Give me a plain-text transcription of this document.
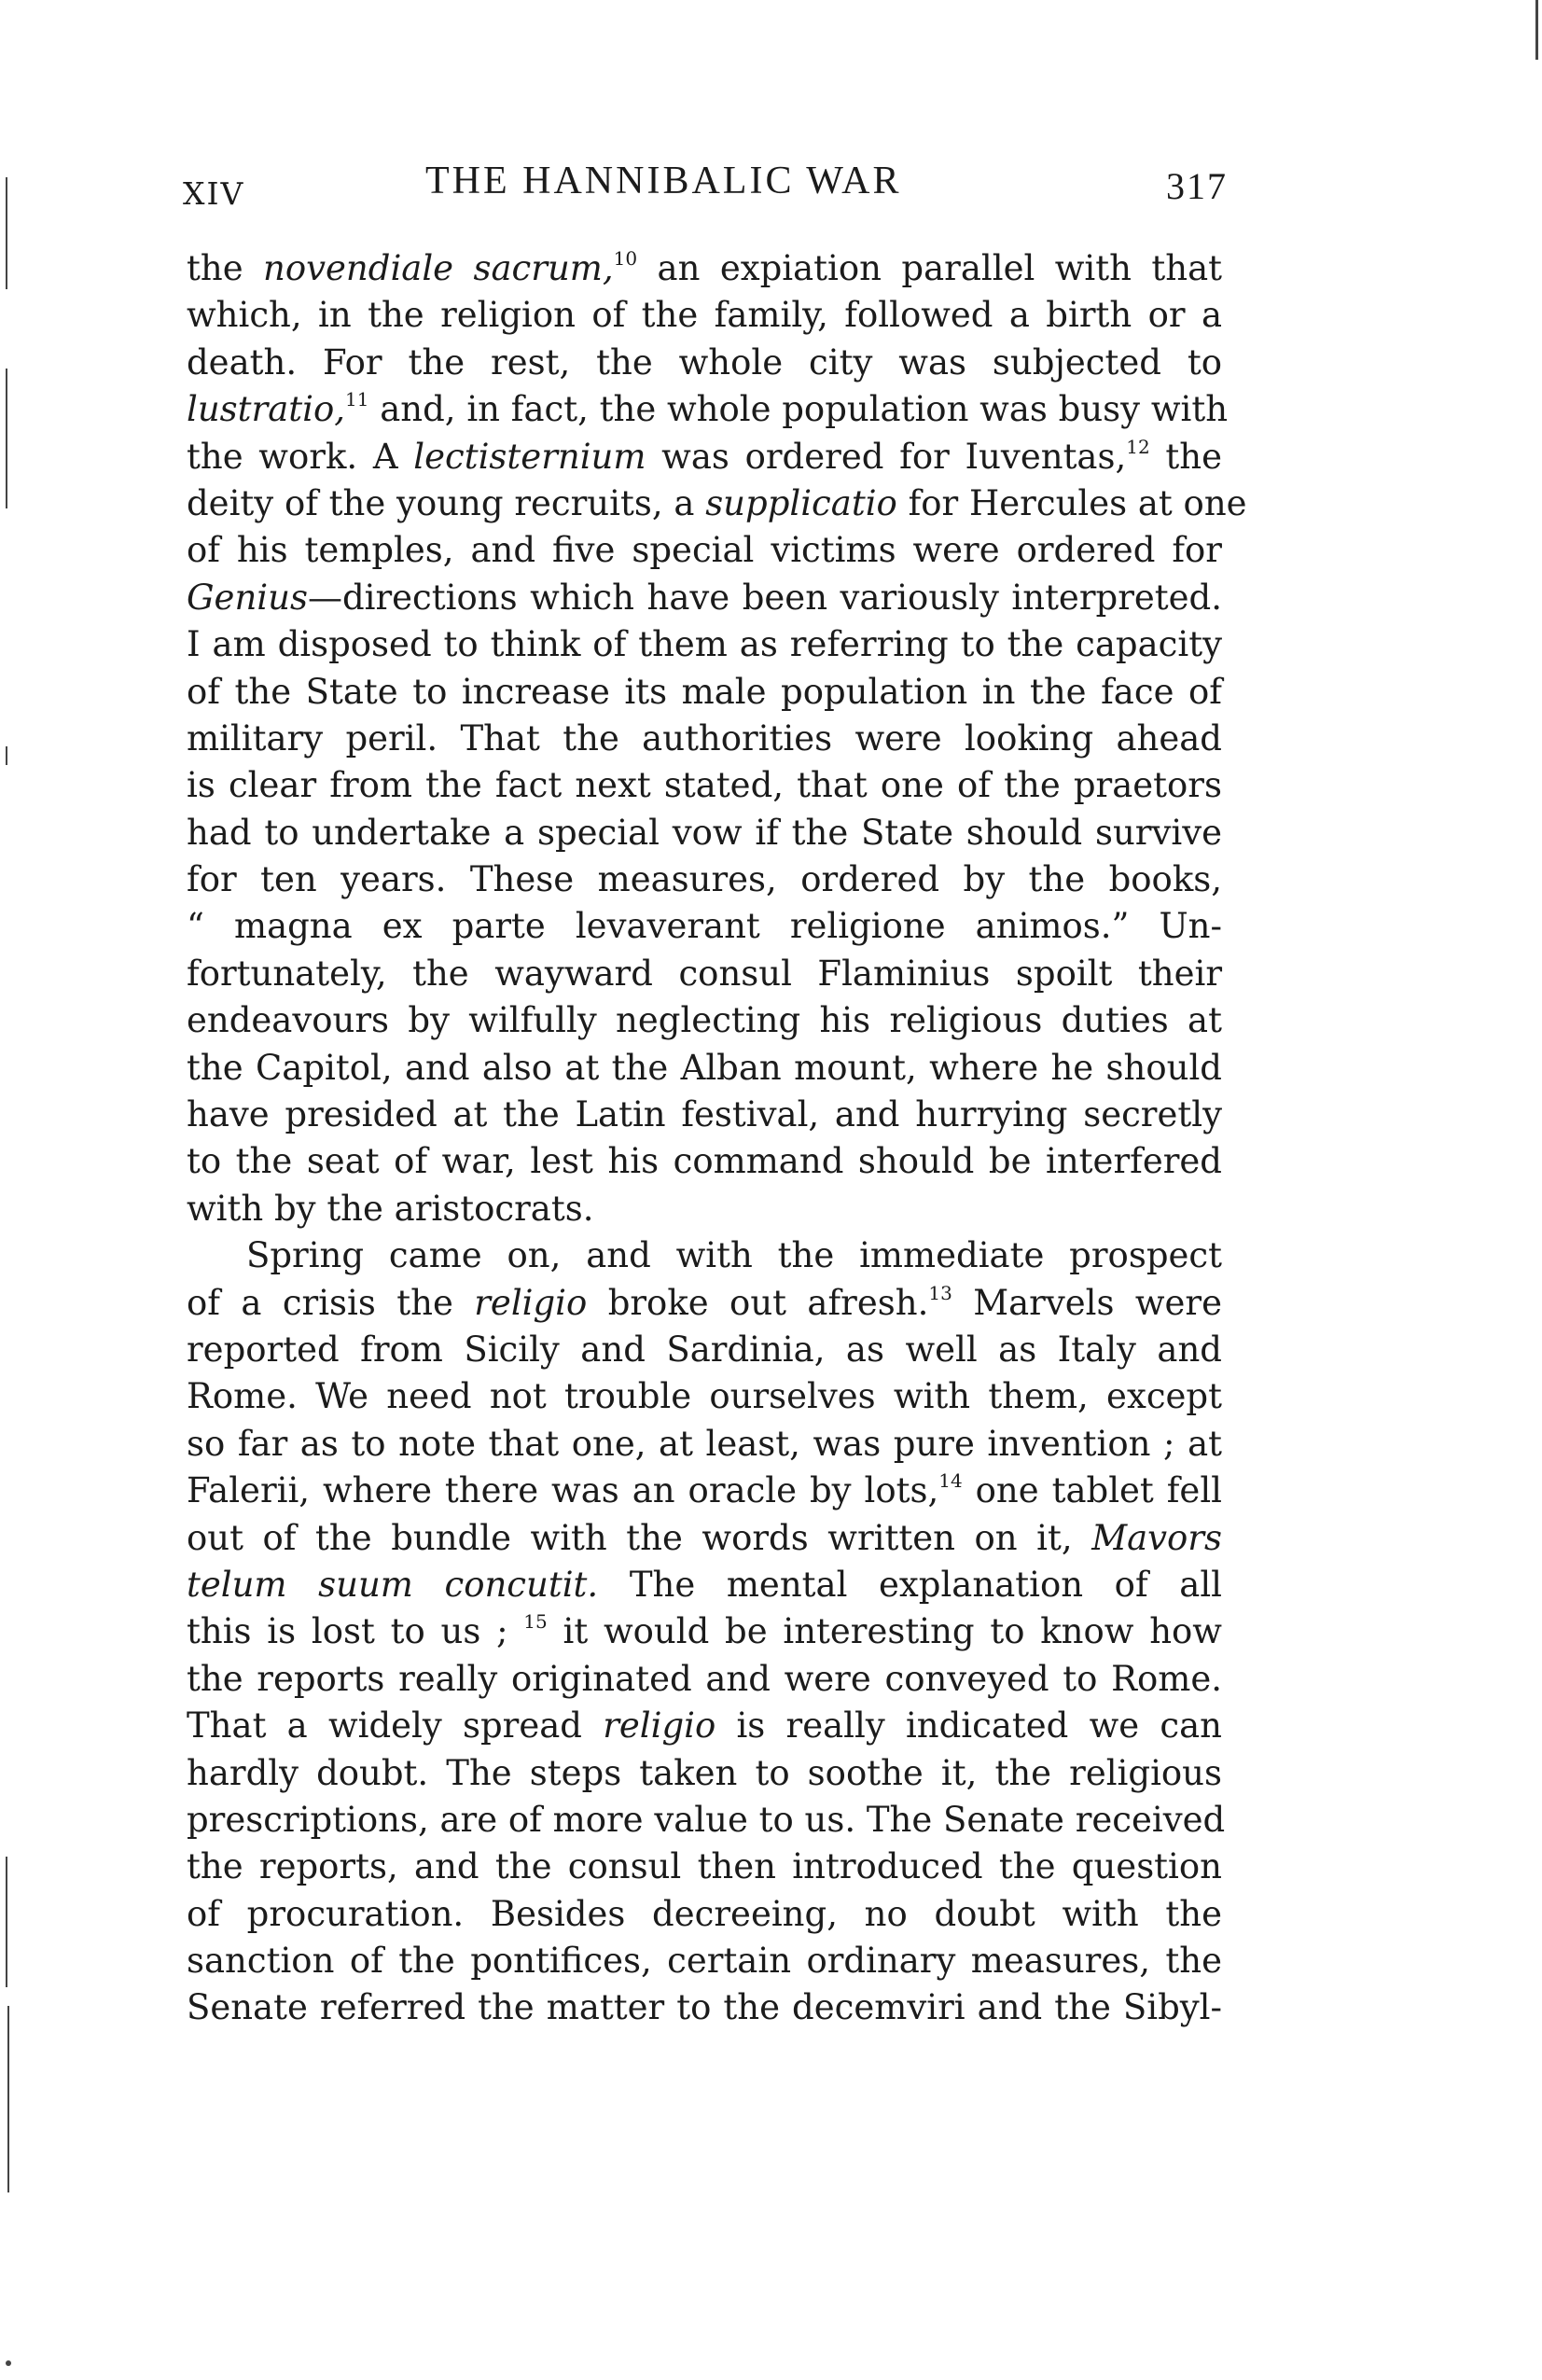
XIV	THE HANNIBALIC WAR	317
the novendiale sacrum,$^{10}$ an expiation parallel with that
which, in the religion of the family, followed a birth or a
death. For the rest, the whole city was subjected to
lustratio,$^{11}$ and, in fact, the whole population was busy with
the work. A lectisternium was ordered for Iuventas,$^{12}$ the
deity of the young recruits, a supplicatio for Hercules at one
of his temples, and five special victims were ordered for
Genius—directions which have been variously interpreted.
I am disposed to think of them as referring to the capacity
of the State to increase its male population in the face of
military peril. That the authorities were looking ahead
is clear from the fact next stated, that one of the praetors
had to undertake a special vow if the State should survive
for ten years. These measures, ordered by the books,
“ magna ex parte levaverant religione animos.” Un-
fortunately, the wayward consul Flaminius spoilt their
endeavours by wilfully neglecting his religious duties at
the Capitol, and also at the Alban mount, where he should
have presided at the Latin festival, and hurrying secretly
to the seat of war, lest his command should be interfered
with by the aristocrats.
Spring came on, and with the immediate prospect
of a crisis the religio broke out afresh.$^{13}$ Marvels were
reported from Sicily and Sardinia, as well as Italy and
Rome. We need not trouble ourselves with them, except
so far as to note that one, at least, was pure invention ; at
Falerii, where there was an oracle by lots,$^{14}$ one tablet fell
out of the bundle with the words written on it, Mavors
telum suum concutit. The mental explanation of all
this is lost to us ; $^{15}$ it would be interesting to know how
the reports really originated and were conveyed to Rome.
That a widely spread religio is really indicated we can
hardly doubt. The steps taken to soothe it, the religious
prescriptions, are of more value to us. The Senate received
the reports, and the consul then introduced the question
of procuration. Besides decreeing, no doubt with the
sanction of the pontifices, certain ordinary measures, the
Senate referred the matter to the decemviri and the Sibyl-
